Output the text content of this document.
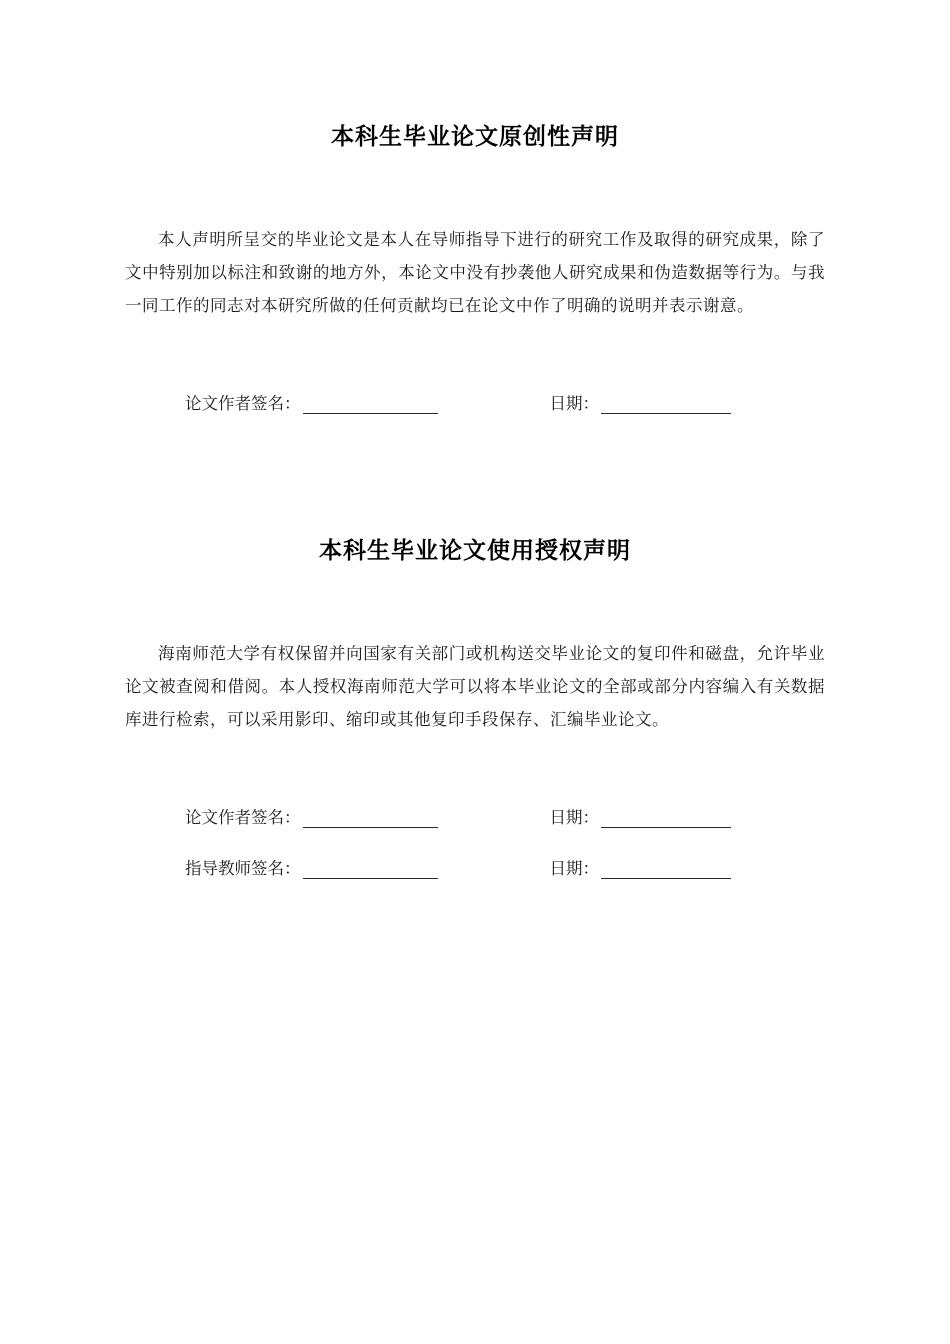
本科生毕业论文原创性声明

本人声明所呈交的毕业论文是本人在导师指导下进行的研究工作及取得的研究成果，除了文中特别加以标注和致谢的地方外，本论文中没有抄袭他人研究成果和伪造数据等行为。与我一同工作的同志对本研究所做的任何贡献均已在论文中作了明确的说明并表示谢意。

论文作者签名：	日期：
本科生毕业论文使用授权声明

海南师范大学有权保留并向国家有关部门或机构送交毕业论文的复印件和磁盘，允许毕业论文被查阅和借阅。本人授权海南师范大学可以将本毕业论文的全部或部分内容编入有关数据库进行检索，可以采用影印、缩印或其他复印手段保存、汇编毕业论文。

论文作者签名：	日期：
指导教师签名：	日期：
